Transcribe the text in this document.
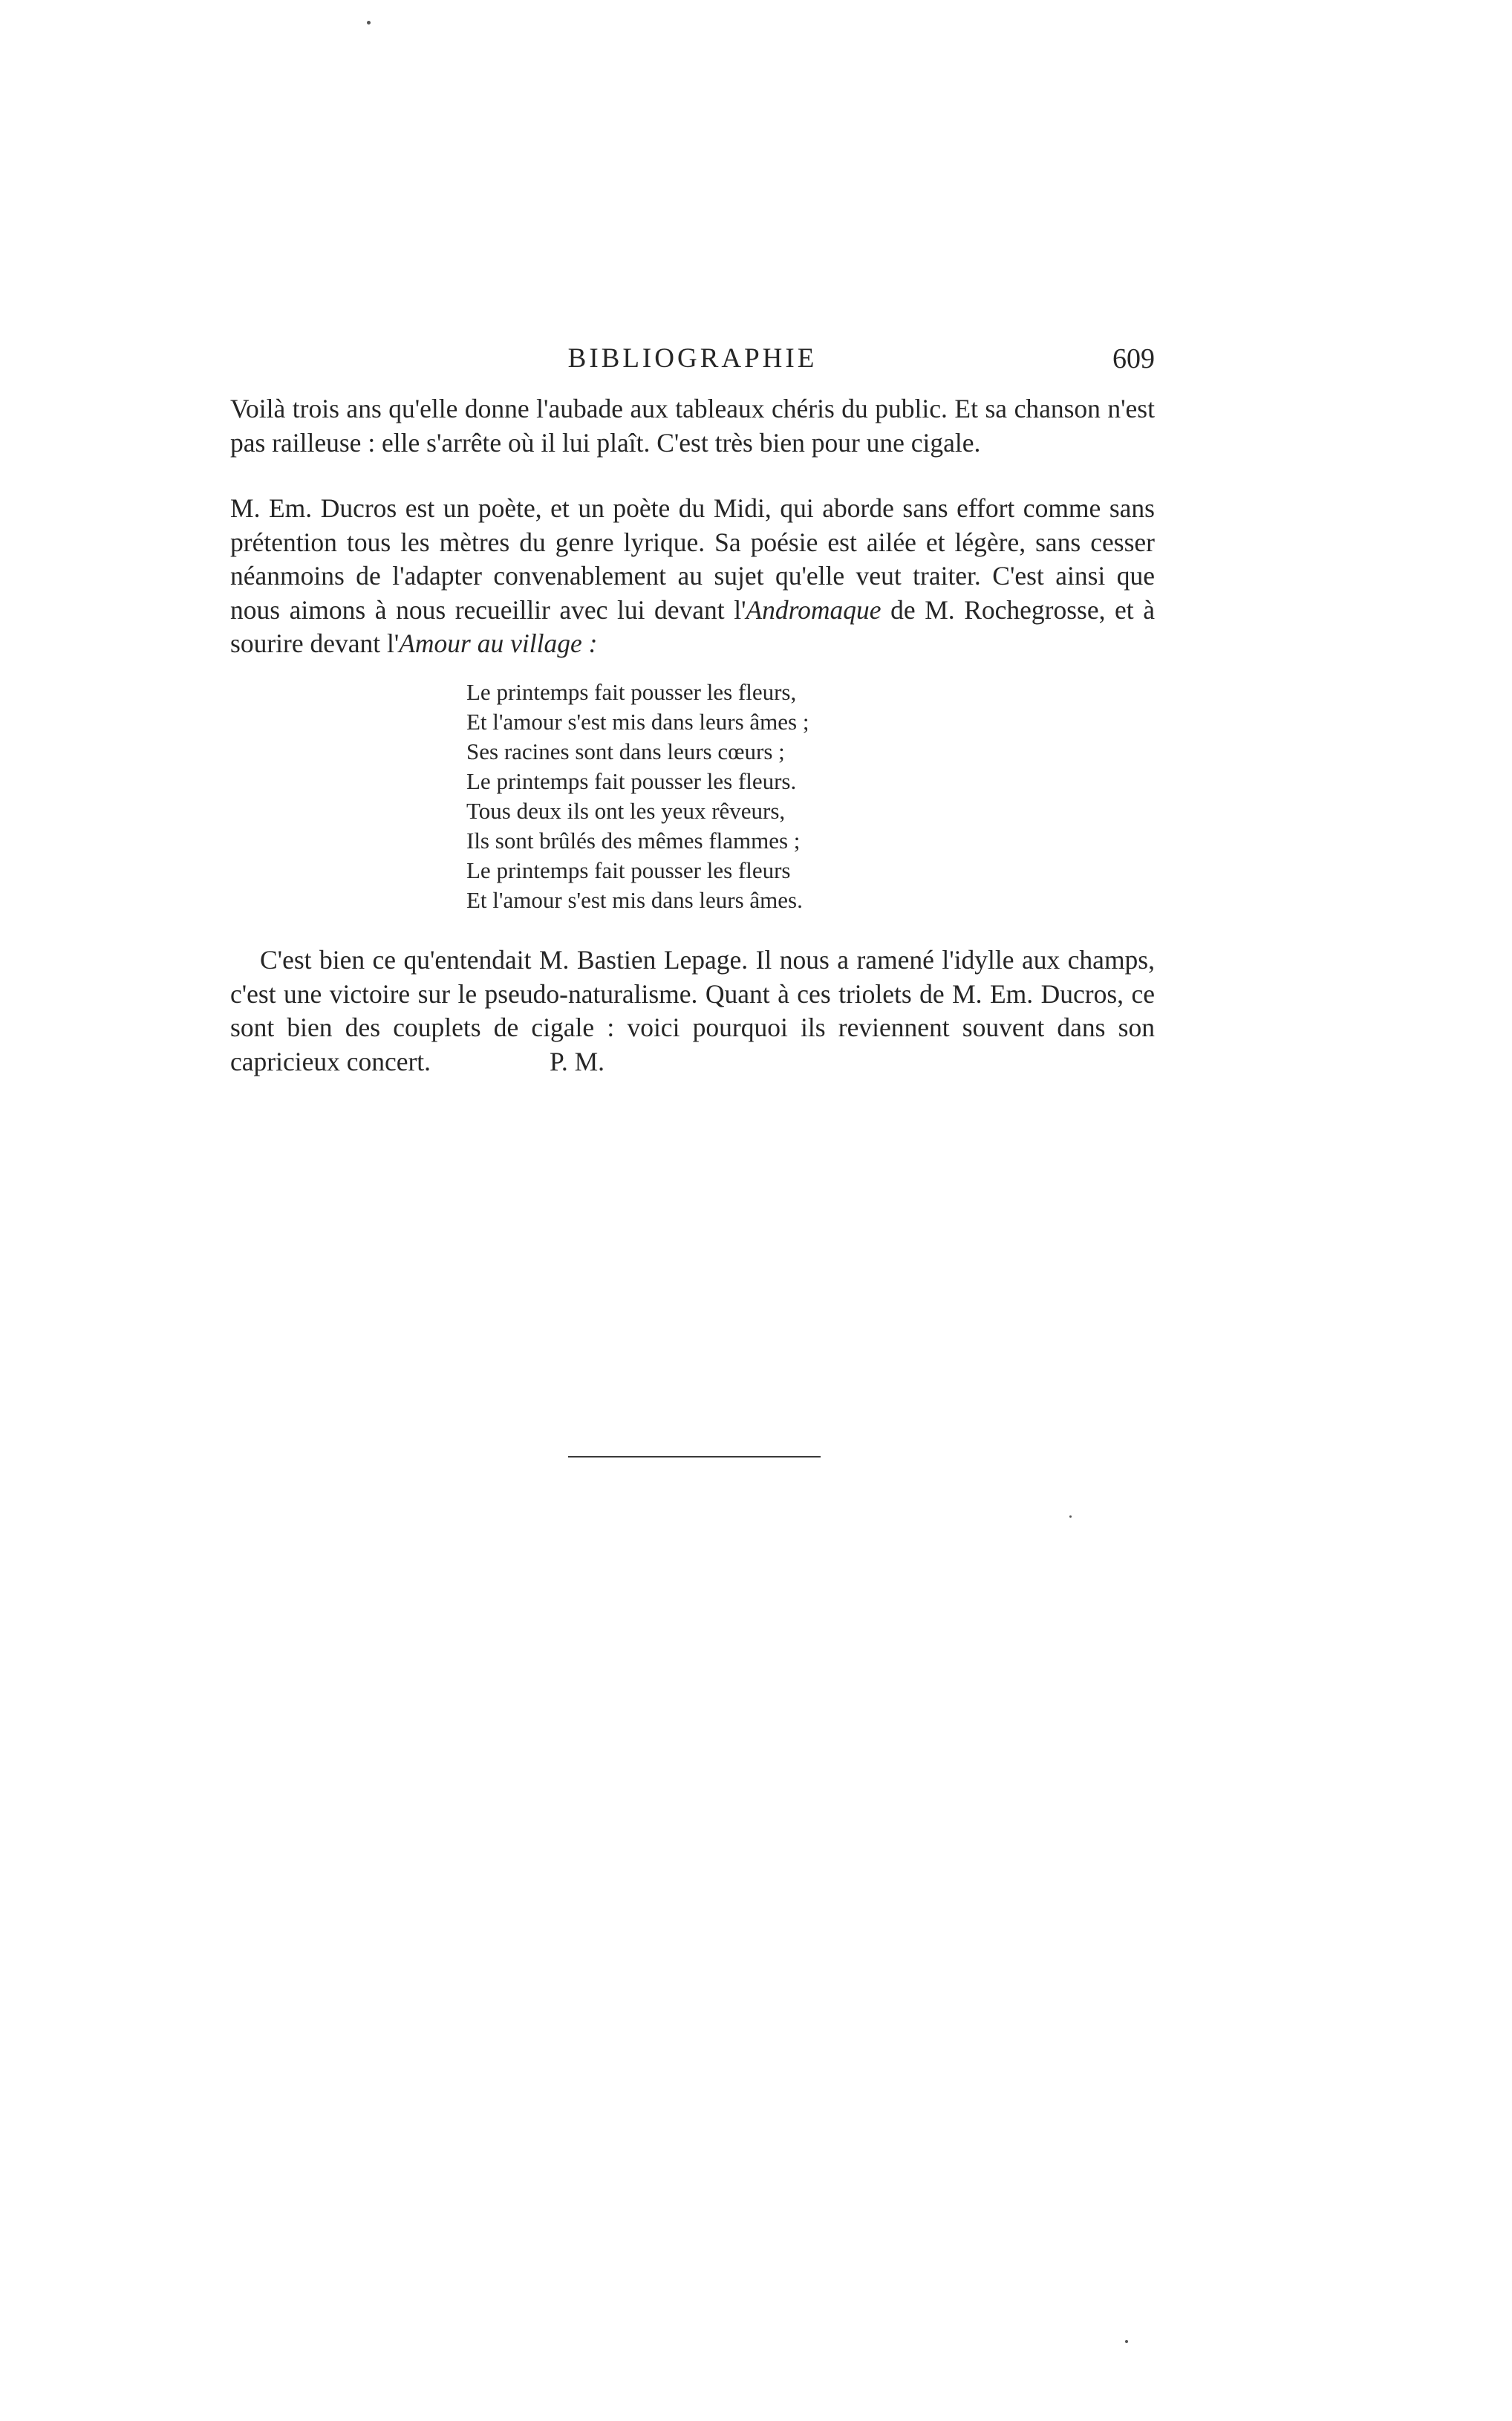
BIBLIOGRAPHIE	609

Voilà trois ans qu'elle donne l'aubade aux tableaux chéris du public. Et sa chanson n'est pas railleuse : elle s'arrête où il lui plaît. C'est très bien pour une cigale.

M. Em. Ducros est un poète, et un poète du Midi, qui aborde sans effort comme sans prétention tous les mètres du genre lyrique. Sa poésie est ailée et légère, sans cesser néanmoins de l'adapter convenablement au sujet qu'elle veut traiter. C'est ainsi que nous aimons à nous recueillir avec lui devant l'Andromaque de M. Rochegrosse, et à sourire devant l'Amour au village :

Le printemps fait pousser les fleurs,
Et l'amour s'est mis dans leurs âmes ;
Ses racines sont dans leurs cœurs ;
Le printemps fait pousser les fleurs.
Tous deux ils ont les yeux rêveurs,
Ils sont brûlés des mêmes flammes ;
Le printemps fait pousser les fleurs
Et l'amour s'est mis dans leurs âmes.

C'est bien ce qu'entendait M. Bastien Lepage. Il nous a ramené l'idylle aux champs, c'est une victoire sur le pseudo-naturalisme. Quant à ces triolets de M. Em. Ducros, ce sont bien des couplets de cigale : voici pourquoi ils reviennent souvent dans son capricieux concert.	P. M.
